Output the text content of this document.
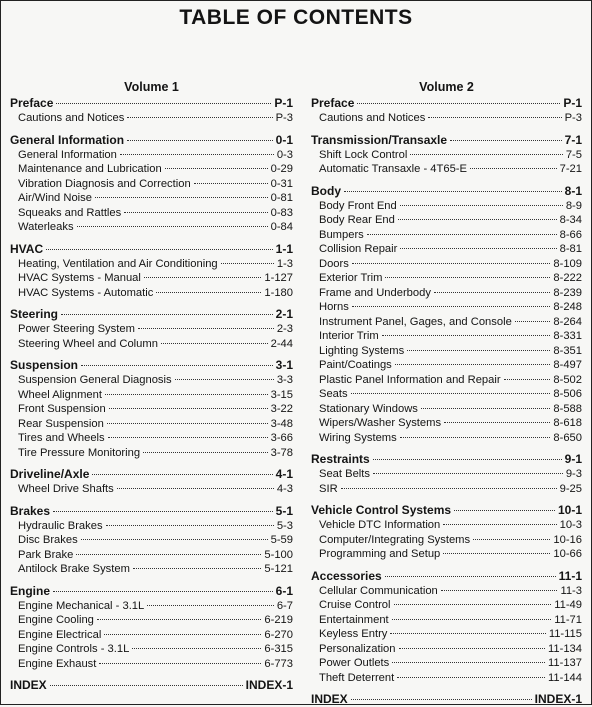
TABLE OF CONTENTS
Volume 1
Preface	P-1
Cautions and Notices	P-3
General Information	0-1
General Information	0-3
Maintenance and Lubrication	0-29
Vibration Diagnosis and Correction	0-31
Air/Wind Noise	0-81
Squeaks and Rattles	0-83
Waterleaks	0-84
HVAC	1-1
Heating, Ventilation and Air Conditioning	1-3
HVAC Systems - Manual	1-127
HVAC Systems - Automatic	1-180
Steering	2-1
Power Steering System	2-3
Steering Wheel and Column	2-44
Suspension	3-1
Suspension General Diagnosis	3-3
Wheel Alignment	3-15
Front Suspension	3-22
Rear Suspension	3-48
Tires and Wheels	3-66
Tire Pressure Monitoring	3-78
Driveline/Axle	4-1
Wheel Drive Shafts	4-3
Brakes	5-1
Hydraulic Brakes	5-3
Disc Brakes	5-59
Park Brake	5-100
Antilock Brake System	5-121
Engine	6-1
Engine Mechanical - 3.1L	6-7
Engine Cooling	6-219
Engine Electrical	6-270
Engine Controls - 3.1L	6-315
Engine Exhaust	6-773
INDEX	INDEX-1
Volume 2
Preface	P-1
Cautions and Notices	P-3
Transmission/Transaxle	7-1
Shift Lock Control	7-5
Automatic Transaxle - 4T65-E	7-21
Body	8-1
Body Front End	8-9
Body Rear End	8-34
Bumpers	8-66
Collision Repair	8-81
Doors	8-109
Exterior Trim	8-222
Frame and Underbody	8-239
Horns	8-248
Instrument Panel, Gages, and Console	8-264
Interior Trim	8-331
Lighting Systems	8-351
Paint/Coatings	8-497
Plastic Panel Information and Repair	8-502
Seats	8-506
Stationary Windows	8-588
Wipers/Washer Systems	8-618
Wiring Systems	8-650
Restraints	9-1
Seat Belts	9-3
SIR	9-25
Vehicle Control Systems	10-1
Vehicle DTC Information	10-3
Computer/Integrating Systems	10-16
Programming and Setup	10-66
Accessories	11-1
Cellular Communication	11-3
Cruise Control	11-49
Entertainment	11-71
Keyless Entry	11-115
Personalization	11-134
Power Outlets	11-137
Theft Deterrent	11-144
INDEX	INDEX-1
